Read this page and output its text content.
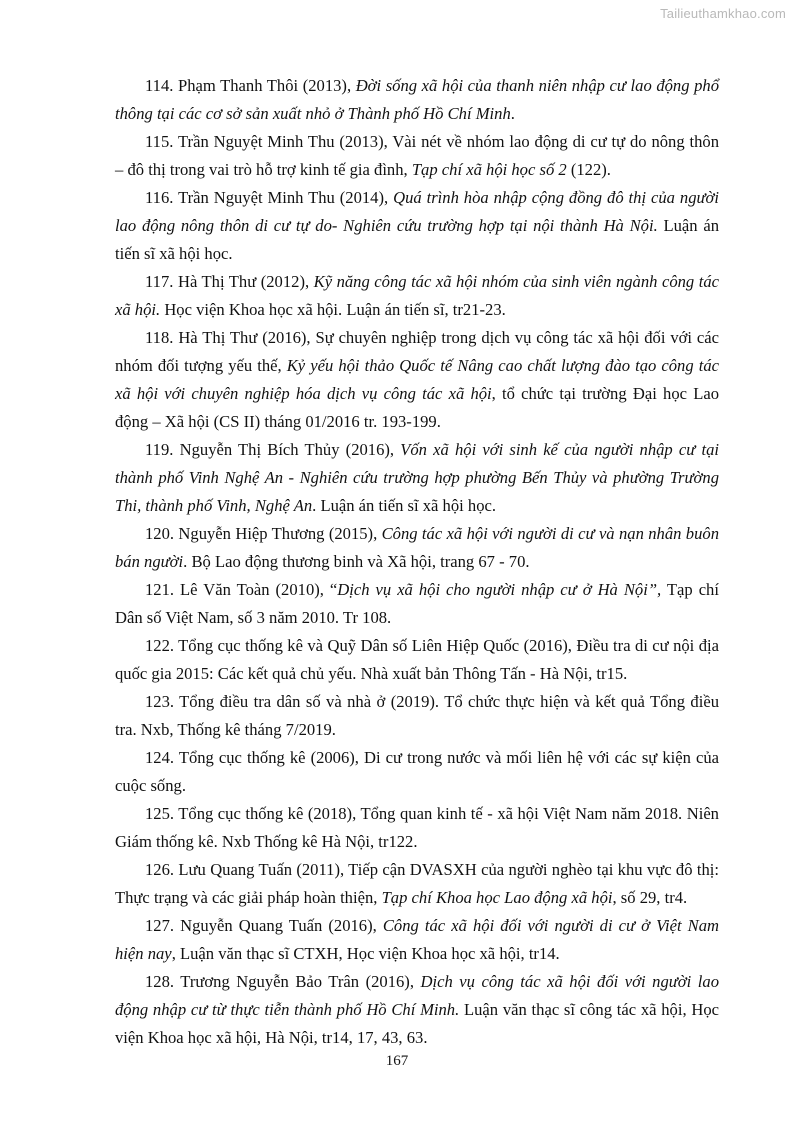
Tailieuthamkhao.com

114. Phạm Thanh Thôi (2013), Đời sống xã hội của thanh niên nhập cư lao động phổ thông tại các cơ sở sản xuất nhỏ ở Thành phố Hồ Chí Minh.

115. Trần Nguyệt Minh Thu (2013), Vài nét về nhóm lao động di cư tự do nông thôn – đô thị trong vai trò hỗ trợ kinh tế gia đình, Tạp chí xã hội học số 2 (122).

116. Trần Nguyệt Minh Thu (2014), Quá trình hòa nhập cộng đồng đô thị của người lao động nông thôn di cư tự do- Nghiên cứu trường hợp tại nội thành Hà Nội. Luận án tiến sĩ xã hội học.

117. Hà Thị Thư (2012), Kỹ năng công tác xã hội nhóm của sinh viên ngành công tác xã hội. Học viện Khoa học xã hội. Luận án tiến sĩ, tr21-23.

118. Hà Thị Thư (2016), Sự chuyên nghiệp trong dịch vụ công tác xã hội đối với các nhóm đối tượng yếu thế, Kỷ yếu hội thảo Quốc tế Nâng cao chất lượng đào tạo công tác xã hội với chuyên nghiệp hóa dịch vụ công tác xã hội, tổ chức tại trường Đại học Lao động – Xã hội (CS II) tháng 01/2016 tr. 193-199.

119. Nguyễn Thị Bích Thủy (2016), Vốn xã hội với sinh kế của người nhập cư tại thành phố Vinh Nghệ An - Nghiên cứu trường hợp phường Bến Thủy và phường Trường Thi, thành phố Vinh, Nghệ An. Luận án tiến sĩ xã hội học.

120. Nguyễn Hiệp Thương (2015), Công tác xã hội với người di cư và nạn nhân buôn bán người. Bộ Lao động thương binh và Xã hội, trang 67 - 70.

121. Lê Văn Toàn (2010), “Dịch vụ xã hội cho người nhập cư ở Hà Nội”, Tạp chí Dân số Việt Nam, số 3 năm 2010. Tr 108.

122. Tổng cục thống kê và Quỹ Dân số Liên Hiệp Quốc (2016), Điều tra di cư nội địa quốc gia 2015: Các kết quả chủ yếu. Nhà xuất bản Thông Tấn - Hà Nội, tr15.

123. Tổng điều tra dân số và nhà ở (2019). Tổ chức thực hiện và kết quả Tổng điều tra. Nxb, Thống kê tháng 7/2019.

124. Tổng cục thống kê (2006), Di cư trong nước và mối liên hệ với các sự kiện của cuộc sống.

125. Tổng cục thống kê (2018), Tổng quan kinh tế - xã hội Việt Nam năm 2018. Niên Giám thống kê. Nxb Thống kê Hà Nội, tr122.

126. Lưu Quang Tuấn (2011), Tiếp cận DVASXH của người nghèo tại khu vực đô thị: Thực trạng và các giải pháp hoàn thiện, Tạp chí Khoa học Lao động xã hội, số 29, tr4.

127. Nguyễn Quang Tuấn (2016), Công tác xã hội đối với người di cư ở Việt Nam hiện nay, Luận văn thạc sĩ CTXH, Học viện Khoa học xã hội, tr14.

128. Trương Nguyễn Bảo Trân (2016), Dịch vụ công tác xã hội đối với người lao động nhập cư từ thực tiễn thành phố Hồ Chí Minh. Luận văn thạc sĩ công tác xã hội, Học viện Khoa học xã hội, Hà Nội, tr14, 17, 43, 63.

167
